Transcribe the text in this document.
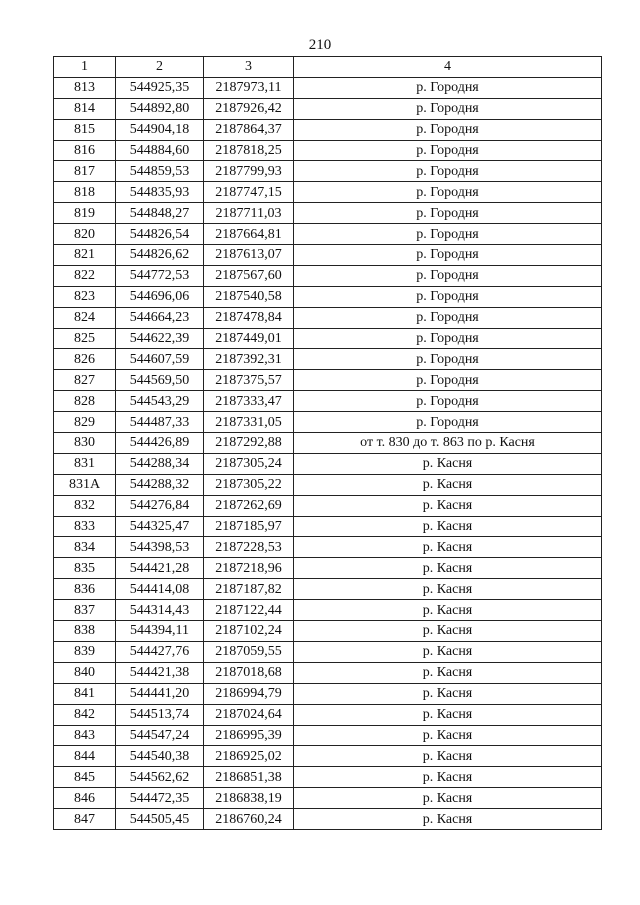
210
1	2	3	4
813	544925,35	2187973,11	р. Городня
814	544892,80	2187926,42	р. Городня
815	544904,18	2187864,37	р. Городня
816	544884,60	2187818,25	р. Городня
817	544859,53	2187799,93	р. Городня
818	544835,93	2187747,15	р. Городня
819	544848,27	2187711,03	р. Городня
820	544826,54	2187664,81	р. Городня
821	544826,62	2187613,07	р. Городня
822	544772,53	2187567,60	р. Городня
823	544696,06	2187540,58	р. Городня
824	544664,23	2187478,84	р. Городня
825	544622,39	2187449,01	р. Городня
826	544607,59	2187392,31	р. Городня
827	544569,50	2187375,57	р. Городня
828	544543,29	2187333,47	р. Городня
829	544487,33	2187331,05	р. Городня
830	544426,89	2187292,88	от т. 830 до т. 863 по р. Касня
831	544288,34	2187305,24	р. Касня
831А	544288,32	2187305,22	р. Касня
832	544276,84	2187262,69	р. Касня
833	544325,47	2187185,97	р. Касня
834	544398,53	2187228,53	р. Касня
835	544421,28	2187218,96	р. Касня
836	544414,08	2187187,82	р. Касня
837	544314,43	2187122,44	р. Касня
838	544394,11	2187102,24	р. Касня
839	544427,76	2187059,55	р. Касня
840	544421,38	2187018,68	р. Касня
841	544441,20	2186994,79	р. Касня
842	544513,74	2187024,64	р. Касня
843	544547,24	2186995,39	р. Касня
844	544540,38	2186925,02	р. Касня
845	544562,62	2186851,38	р. Касня
846	544472,35	2186838,19	р. Касня
847	544505,45	2186760,24	р. Касня
